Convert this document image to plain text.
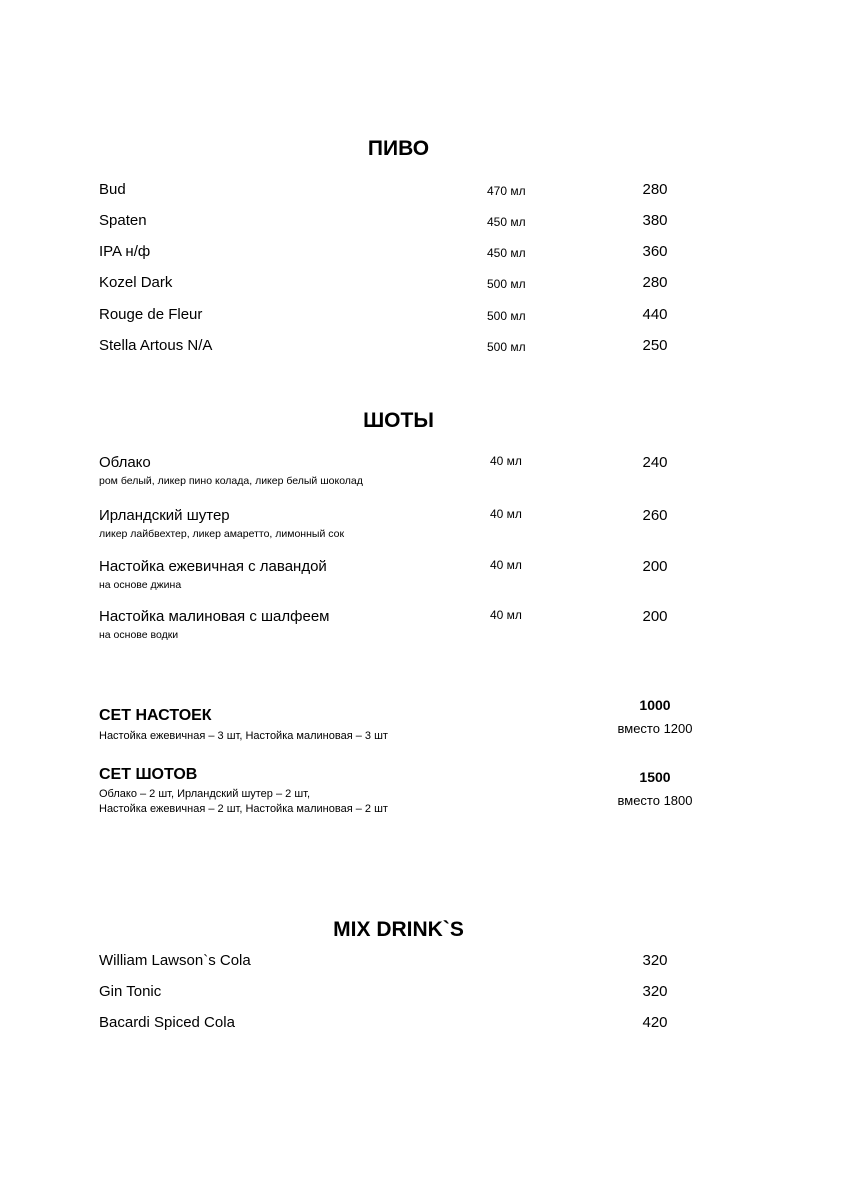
ПИВО
Bud	470 мл	280
Spaten	450 мл	380
IPA н/ф	450 мл	360
Kozel Dark	500 мл	280
Rouge de Fleur	500 мл	440
Stella Artous N/A	500 мл	250
ШОТЫ
Облако
ром белый, ликер пино колада, ликер белый шоколад
40 мл	240
Ирландский шутер
ликер лайбвехтер, ликер амаретто, лимонный сок
40 мл	260
Настойка ежевичная с лавандой
на основе джина
40 мл	200
Настойка малиновая с шалфеем
на основе водки
40 мл	200
СЕТ НАСТОЕК
Настойка ежевичная – 3 шт, Настойка малиновая – 3 шт
1000
вместо 1200
СЕТ ШОТОВ
Облако – 2 шт, Ирландский шутер – 2 шт,
Настойка ежевичная – 2 шт, Настойка малиновая – 2 шт
1500
вместо 1800
MIX DRINK`S
William Lawson`s Cola	320
Gin Tonic	320
Bacardi Spiced Cola	420
